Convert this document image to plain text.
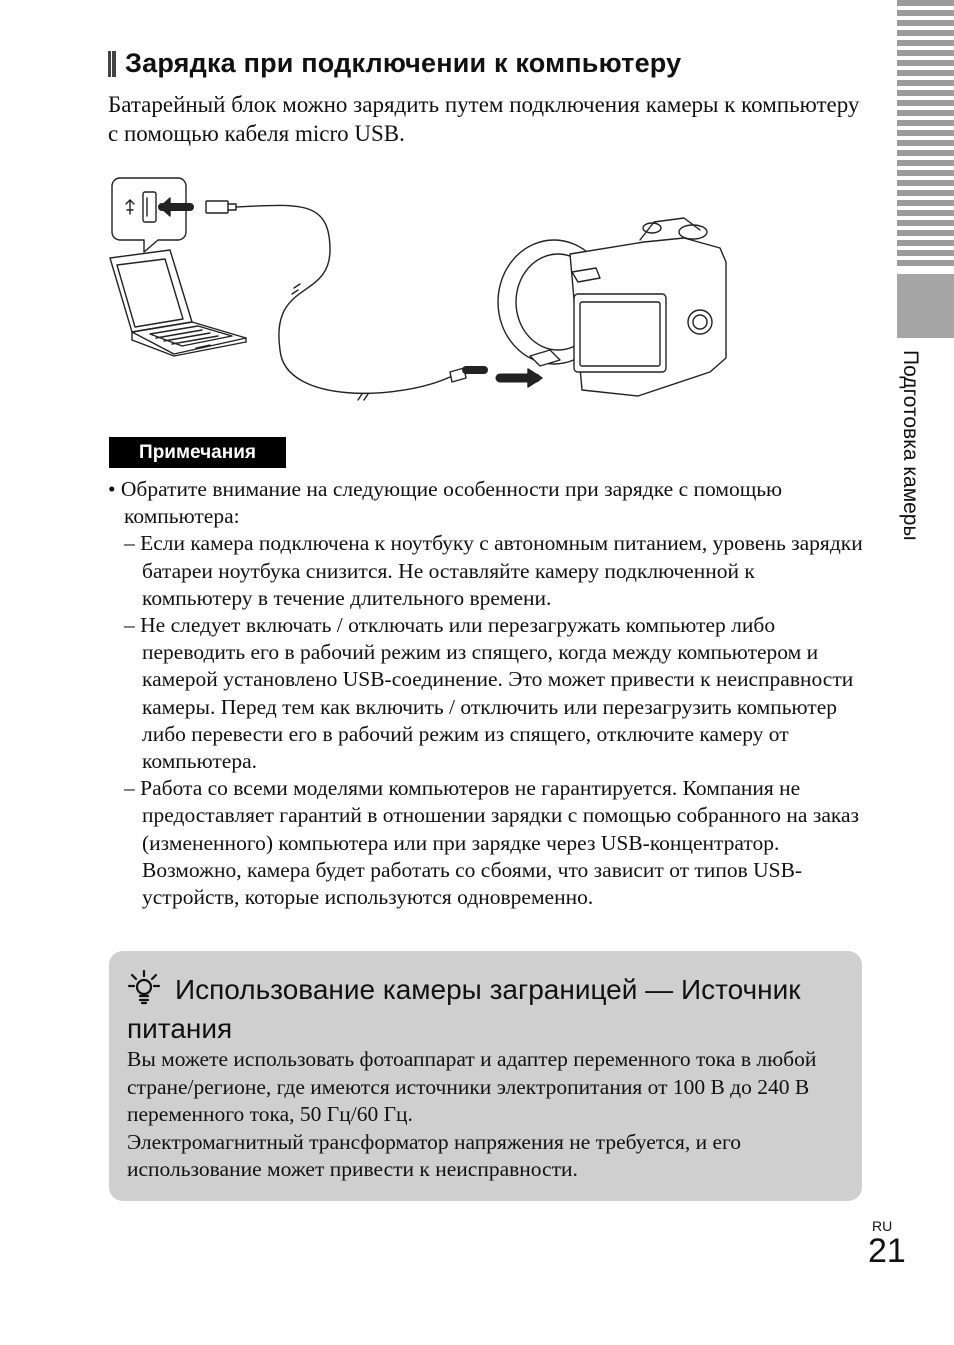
Зарядка при подключении к компьютеру

Батарейный блок можно зарядить путем подключения камеры к компьютеру с помощью кабеля micro USB.

Примечания

• Обратите внимание на следующие особенности при зарядке с помощью компьютера:

– Если камера подключена к ноутбуку с автономным питанием, уровень зарядки батареи ноутбука снизится. Не оставляйте камеру подключенной к компьютеру в течение длительного времени.

– Не следует включать / отключать или перезагружать компьютер либо переводить его в рабочий режим из спящего, когда между компьютером и камерой установлено USB-соединение. Это может привести к неисправности камеры. Перед тем как включить / отключить или перезагрузить компьютер либо перевести его в рабочий режим из спящего, отключите камеру от компьютера.

– Работа со всеми моделями компьютеров не гарантируется. Компания не предоставляет гарантий в отношении зарядки с помощью собранного на заказ (измененного) компьютера или при зарядке через USB-концентратор. Возможно, камера будет работать со сбоями, что зависит от типов USB-устройств, которые используются одновременно.

Использование камеры заграницей — Источник питания

Вы можете использовать фотоаппарат и адаптер переменного тока в любой стране/регионе, где имеются источники электропитания от 100 В до 240 В переменного тока, 50 Гц/60 Гц.
Электромагнитный трансформатор напряжения не требуется, и его использование может привести к неисправности.

Подготовка камеры
RU
21
